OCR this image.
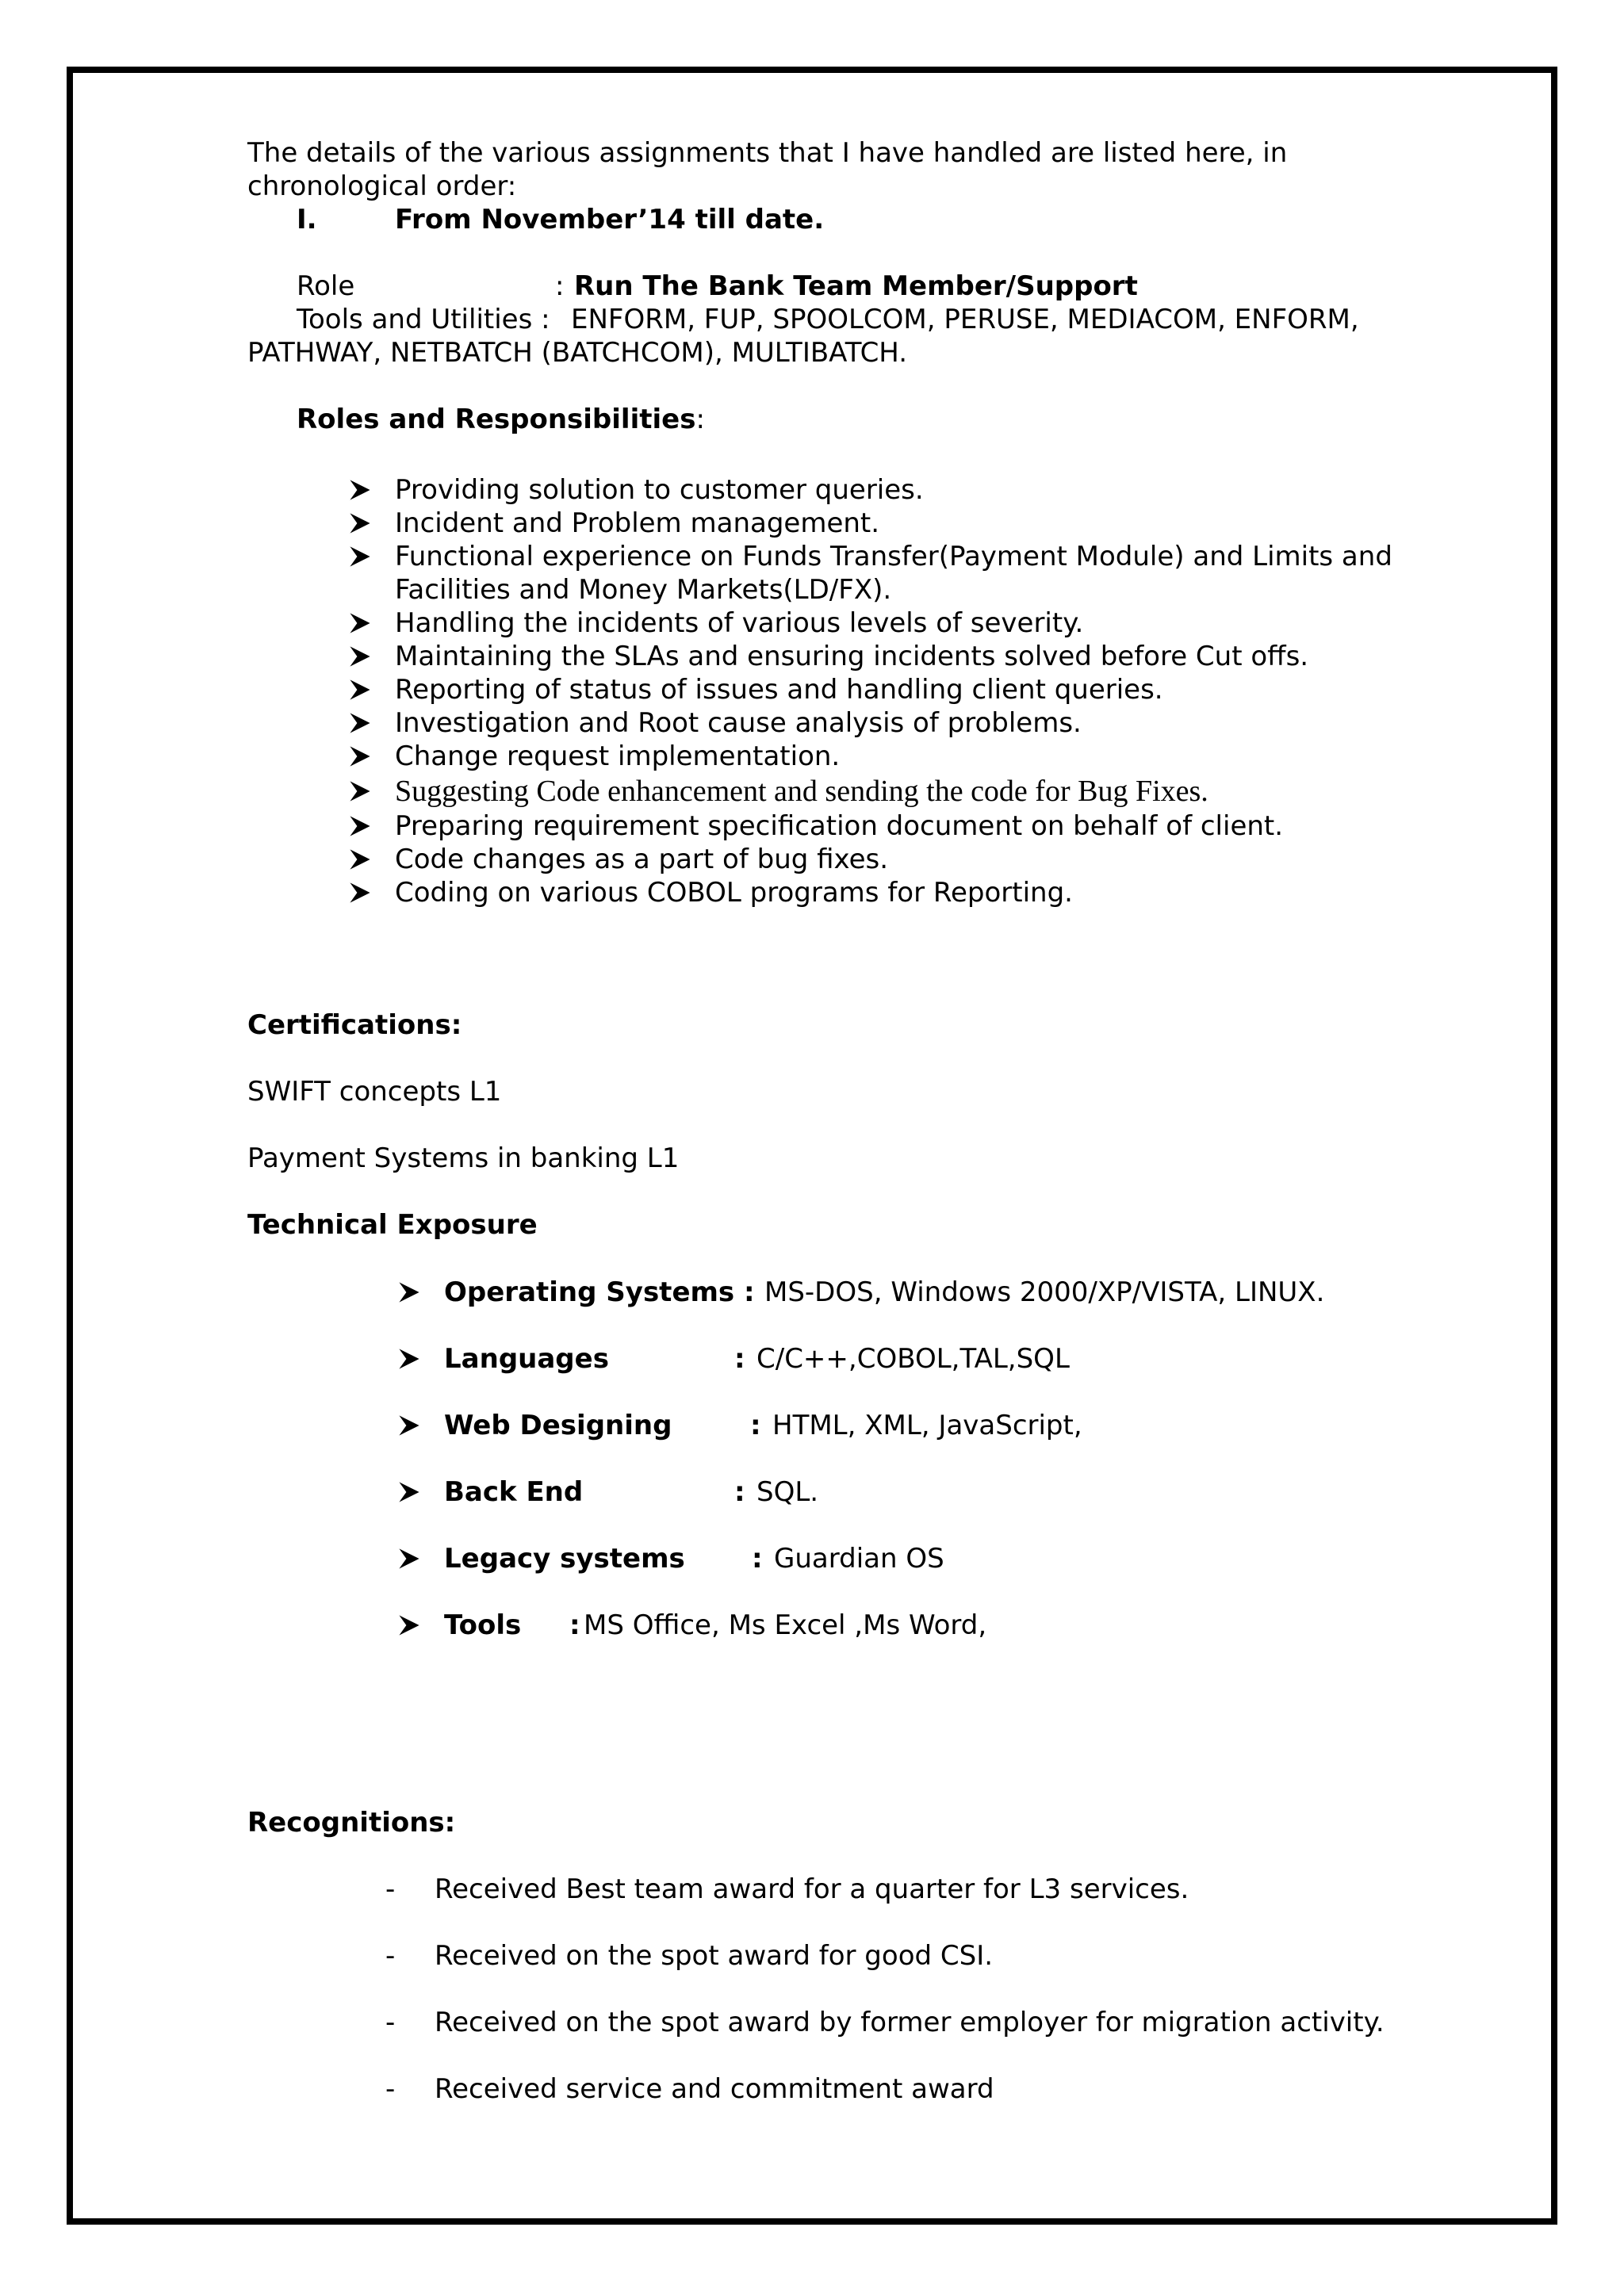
The details of the various assignments that I have handled are listed here, in
chronological order:
I.	From November’14 till date.
Role	: Run The Bank Team Member/Support
Tools and Utilities : ENFORM, FUP, SPOOLCOM, PERUSE, MEDIACOM, ENFORM,
PATHWAY, NETBATCH (BATCHCOM), MULTIBATCH.
Roles and Responsibilities:
Providing solution to customer queries.
Incident and Problem management.
Functional experience on Funds Transfer(Payment Module) and Limits and
Facilities and Money Markets(LD/FX).
Handling the incidents of various levels of severity.
Maintaining the SLAs and ensuring incidents solved before Cut offs.
Reporting of status of issues and handling client queries.
Investigation and Root cause analysis of problems.
Change request implementation.
Suggesting Code enhancement and sending the code for Bug Fixes.
Preparing requirement specification document on behalf of client.
Code changes as a part of bug fixes.
Coding on various COBOL programs for Reporting.
Certifications:
SWIFT concepts L1
Payment Systems in banking L1
Technical Exposure
Operating Systems : MS-DOS, Windows 2000/XP/VISTA, LINUX.
Languages	: C/C++,COBOL,TAL,SQL
Web Designing	: HTML, XML, JavaScript,
Back End	: SQL.
Legacy systems : Guardian OS
Tools : MS Office, Ms Excel ,Ms Word,
Recognitions:
- Received Best team award for a quarter for L3 services.
- Received on the spot award for good CSI.
- Received on the spot award by former employer for migration activity.
- Received service and commitment award
